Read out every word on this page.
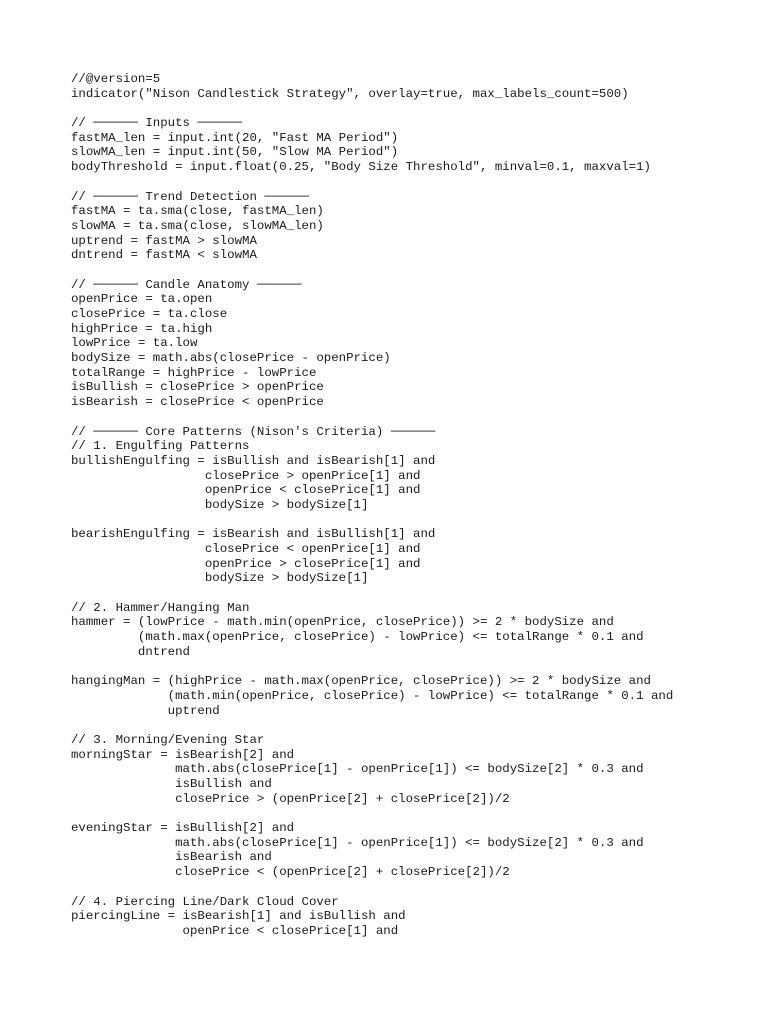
//@version=5
indicator("Nison Candlestick Strategy", overlay=true, max_labels_count=500)
// ────── Inputs ──────
fastMA_len = input.int(20, "Fast MA Period")
slowMA_len = input.int(50, "Slow MA Period")
bodyThreshold = input.float(0.25, "Body Size Threshold", minval=0.1, maxval=1)
// ────── Trend Detection ──────
fastMA = ta.sma(close, fastMA_len)
slowMA = ta.sma(close, slowMA_len)
uptrend = fastMA > slowMA
dntrend = fastMA < slowMA
// ────── Candle Anatomy ──────
openPrice = ta.open
closePrice = ta.close
highPrice = ta.high
lowPrice = ta.low
bodySize = math.abs(closePrice - openPrice)
totalRange = highPrice - lowPrice
isBullish = closePrice > openPrice
isBearish = closePrice < openPrice
// ────── Core Patterns (Nison's Criteria) ──────
// 1. Engulfing Patterns
bullishEngulfing = isBullish and isBearish[1] and
closePrice > openPrice[1] and
openPrice < closePrice[1] and
bodySize > bodySize[1]
bearishEngulfing = isBearish and isBullish[1] and
closePrice < openPrice[1] and
openPrice > closePrice[1] and
bodySize > bodySize[1]
// 2. Hammer/Hanging Man
hammer = (lowPrice - math.min(openPrice, closePrice)) >= 2 * bodySize and
(math.max(openPrice, closePrice) - lowPrice) <= totalRange * 0.1 and
dntrend
hangingMan = (highPrice - math.max(openPrice, closePrice)) >= 2 * bodySize and
(math.min(openPrice, closePrice) - lowPrice) <= totalRange * 0.1 and
uptrend
// 3. Morning/Evening Star
morningStar = isBearish[2] and
math.abs(closePrice[1] - openPrice[1]) <= bodySize[2] * 0.3 and
isBullish and
closePrice > (openPrice[2] + closePrice[2])/2
eveningStar = isBullish[2] and
math.abs(closePrice[1] - openPrice[1]) <= bodySize[2] * 0.3 and
isBearish and
closePrice < (openPrice[2] + closePrice[2])/2
// 4. Piercing Line/Dark Cloud Cover
piercingLine = isBearish[1] and isBullish and
openPrice < closePrice[1] and
